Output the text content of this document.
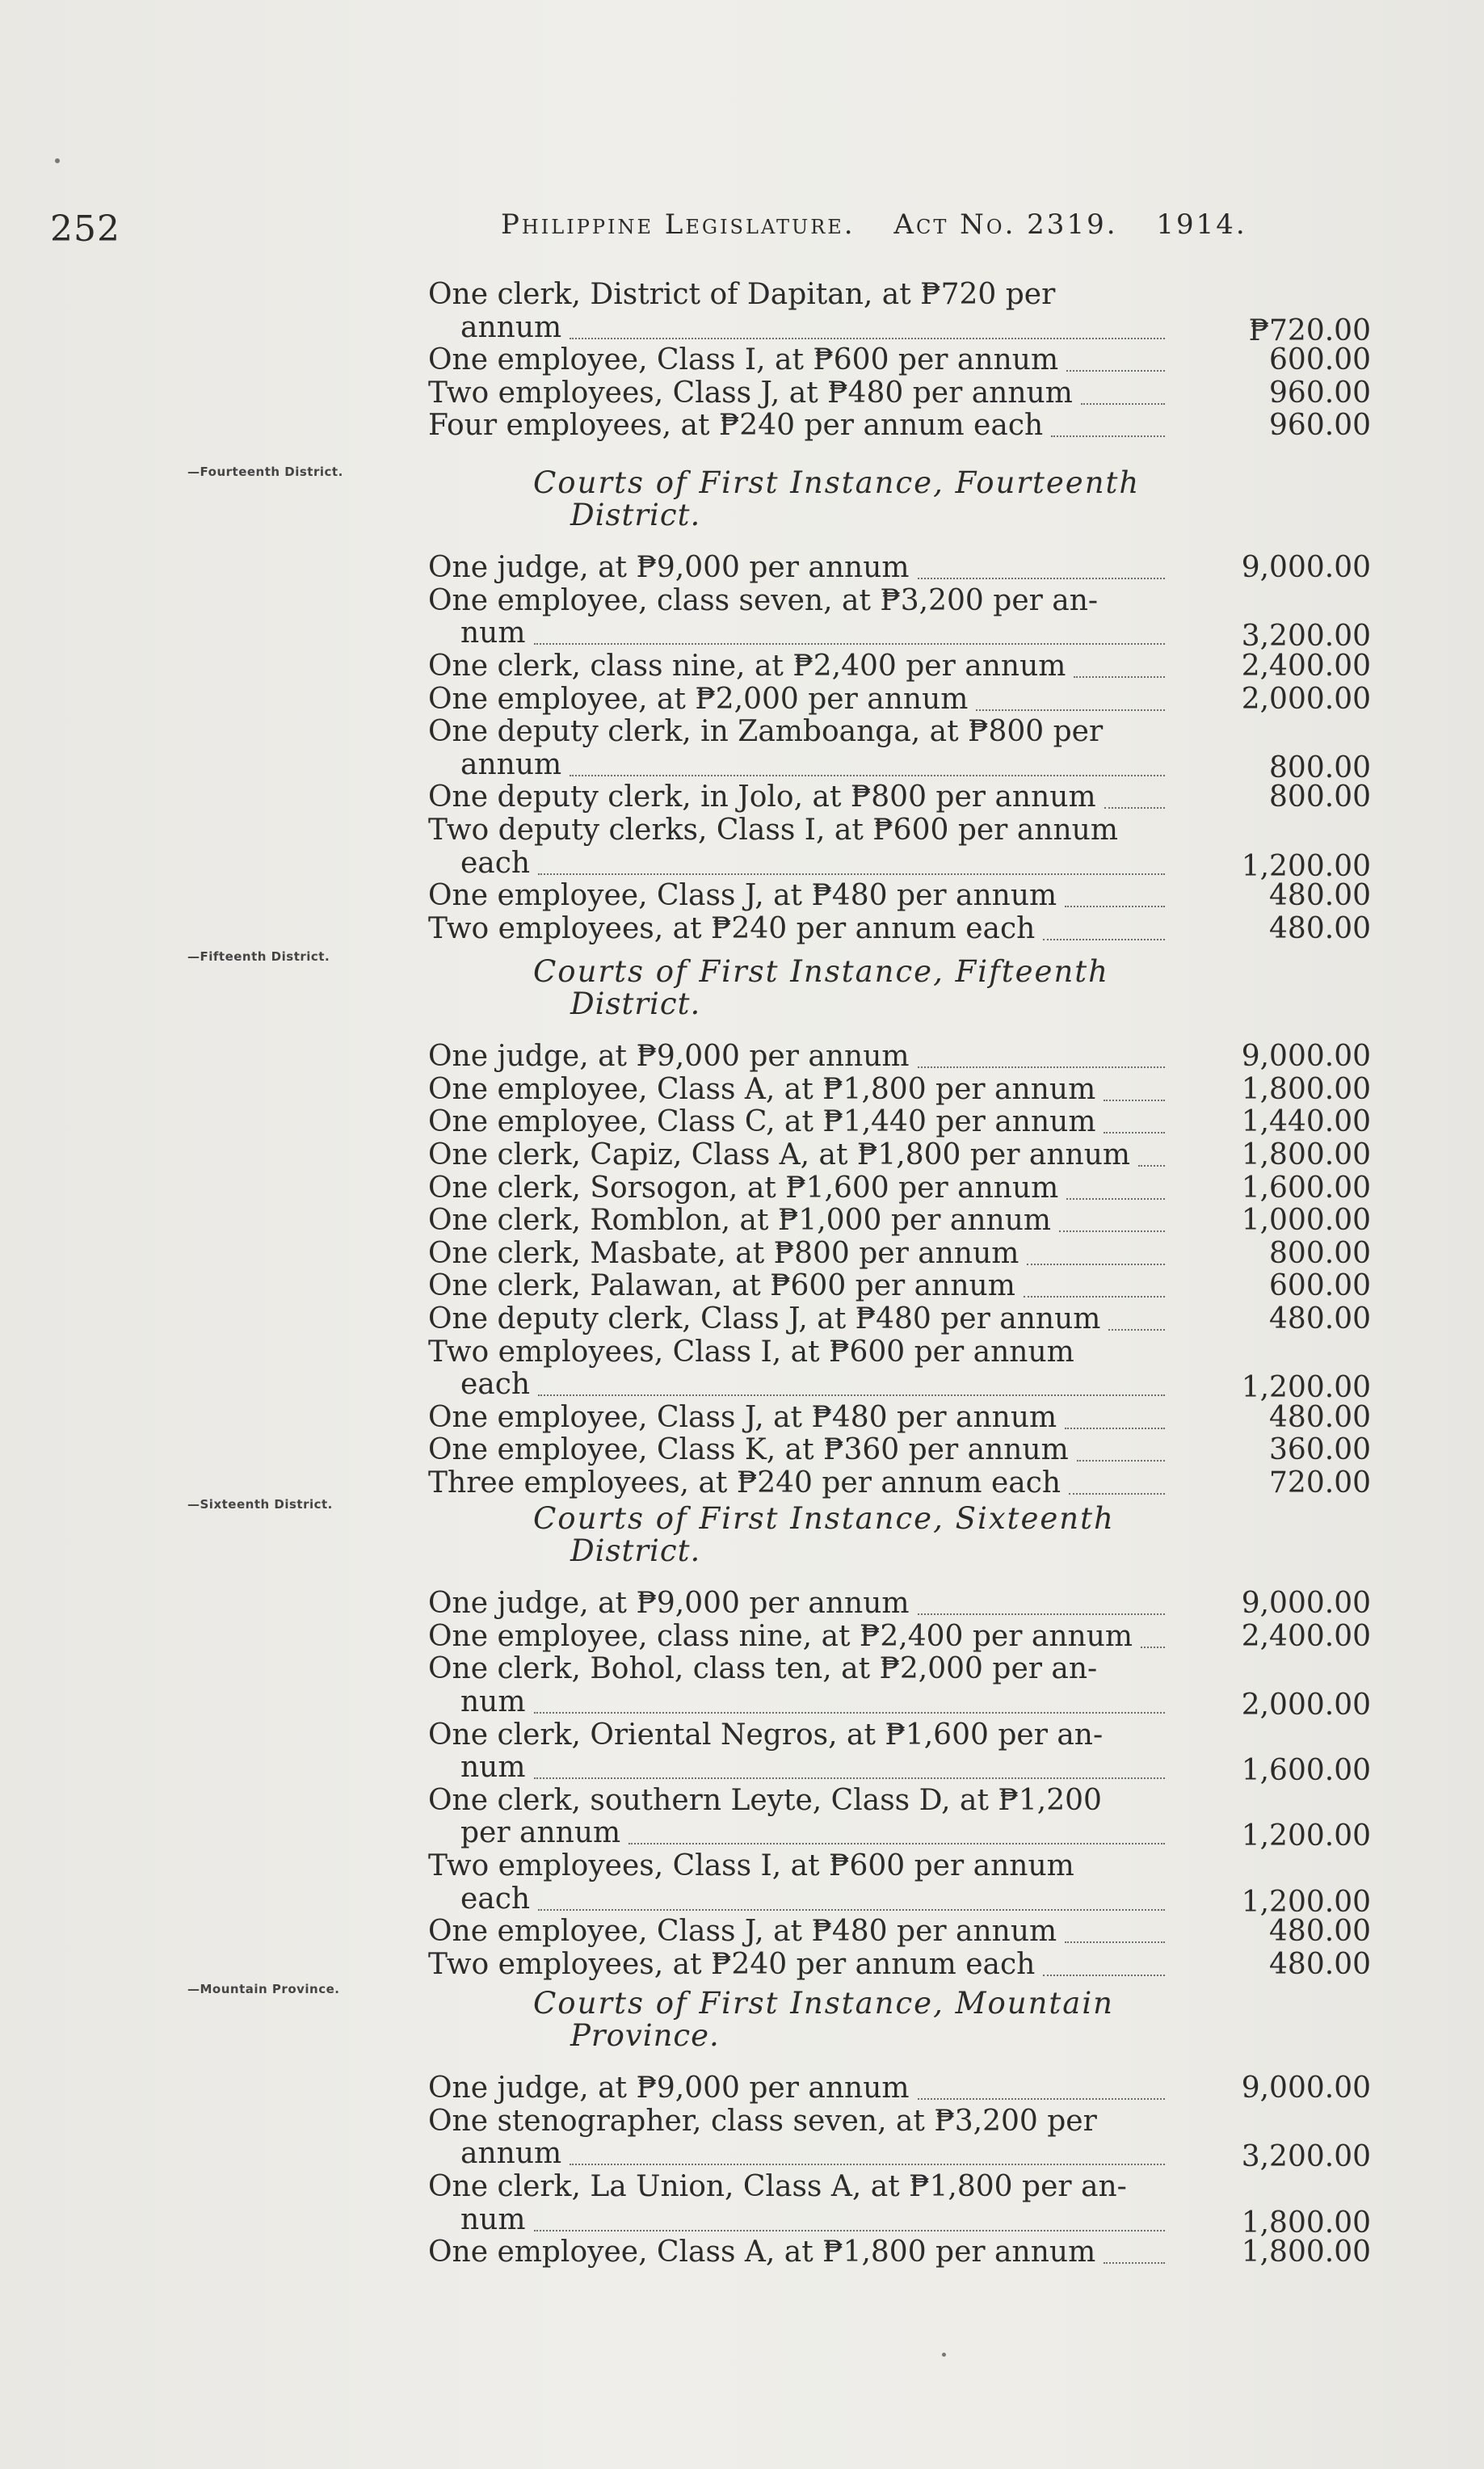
252	Philippine Legislature. Act No. 2319. 1914.
One clerk, District of Dapitan, at ₱720 per
annum	₱720.00
One employee, Class I, at ₱600 per annum	600.00
Two employees, Class J, at ₱480 per annum	960.00
Four employees, at ₱240 per annum each	960.00
—Fourteenth District.	Courts of First Instance, Fourteenth
District.
One judge, at ₱9,000 per annum	9,000.00
One employee, class seven, at ₱3,200 per an-
num	3,200.00
One clerk, class nine, at ₱2,400 per annum	2,400.00
One employee, at ₱2,000 per annum	2,000.00
One deputy clerk, in Zamboanga, at ₱800 per
annum	800.00
One deputy clerk, in Jolo, at ₱800 per annum	800.00
Two deputy clerks, Class I, at ₱600 per annum
each	1,200.00
One employee, Class J, at ₱480 per annum	480.00
Two employees, at ₱240 per annum each	480.00
—Fifteenth District.	Courts of First Instance, Fifteenth
District.
One judge, at ₱9,000 per annum	9,000.00
One employee, Class A, at ₱1,800 per annum	1,800.00
One employee, Class C, at ₱1,440 per annum	1,440.00
One clerk, Capiz, Class A, at ₱1,800 per annum	1,800.00
One clerk, Sorsogon, at ₱1,600 per annum	1,600.00
One clerk, Romblon, at ₱1,000 per annum	1,000.00
One clerk, Masbate, at ₱800 per annum	800.00
One clerk, Palawan, at ₱600 per annum	600.00
One deputy clerk, Class J, at ₱480 per annum	480.00
Two employees, Class I, at ₱600 per annum
each	1,200.00
One employee, Class J, at ₱480 per annum	480.00
One employee, Class K, at ₱360 per annum	360.00
Three employees, at ₱240 per annum each	720.00
—Sixteenth District.	Courts of First Instance, Sixteenth
District.
One judge, at ₱9,000 per annum	9,000.00
One employee, class nine, at ₱2,400 per annum	2,400.00
One clerk, Bohol, class ten, at ₱2,000 per an-
num	2,000.00
One clerk, Oriental Negros, at ₱1,600 per an-
num	1,600.00
One clerk, southern Leyte, Class D, at ₱1,200
per annum	1,200.00
Two employees, Class I, at ₱600 per annum
each	1,200.00
One employee, Class J, at ₱480 per annum	480.00
Two employees, at ₱240 per annum each	480.00
—Mountain Province.	Courts of First Instance, Mountain
Province.
One judge, at ₱9,000 per annum	9,000.00
One stenographer, class seven, at ₱3,200 per
annum	3,200.00
One clerk, La Union, Class A, at ₱1,800 per an-
num	1,800.00
One employee, Class A, at ₱1,800 per annum	1,800.00
